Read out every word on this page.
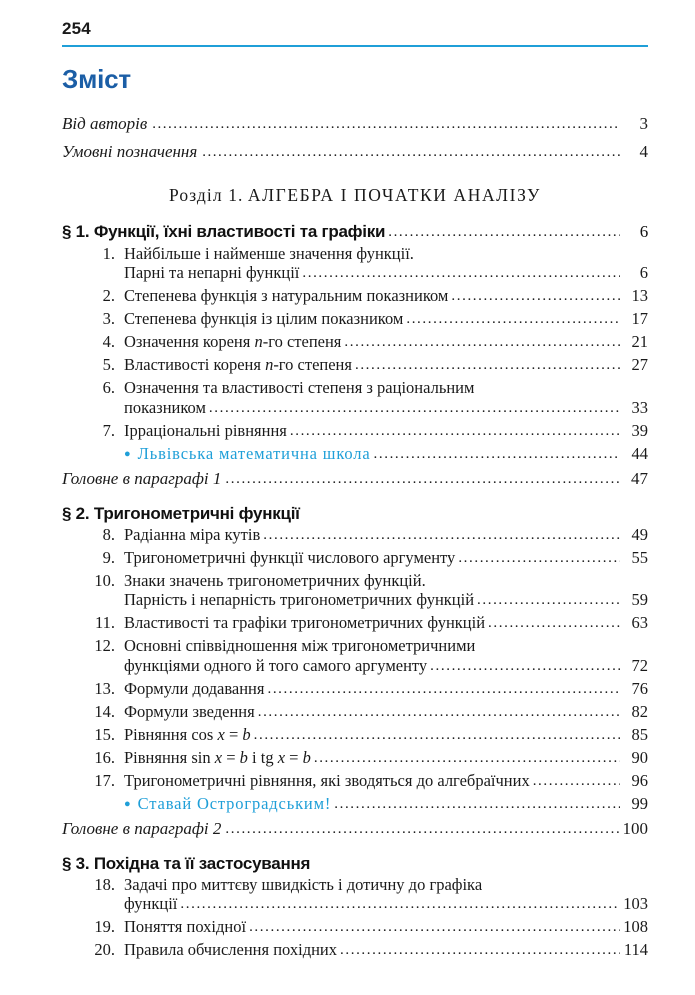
254
Зміст
Від авторів .....	3
Умовні позначення .....	4
Розділ 1. АЛГЕБРА І ПОЧАТКИ АНАЛІЗУ
§ 1. Функції, їхні властивості та графіки .....	6
1. Найбільше і найменше значення функції.
Парні та непарні функції .....	6
2. Степенева функція з натуральним показником .....	13
3. Степенева функція із цілим показником .....	17
4. Означення кореня n-го степеня .....	21
5. Властивості кореня n-го степеня .....	27
6. Означення та властивості степеня з раціональним
показником .....	33
7. Ірраціональні рівняння .....	39
● Львівська математична школа .....	44
Головне в параграфі 1 .....	47
§ 2. Тригонометричні функції
8. Радіанна міра кутів .....	49
9. Тригонометричні функції числового аргументу .....	55
10. Знаки значень тригонометричних функцій.
Парність і непарність тригонометричних функцій .....	59
11. Властивості та графіки тригонометричних функцій .....	63
12. Основні співвідношення між тригонометричними
функціями одного й того самого аргументу .....	72
13. Формули додавання .....	76
14. Формули зведення .....	82
15. Рівняння cos x = b .....	85
16. Рівняння sin x = b і tg x = b .....	90
17. Тригонометричні рівняння, які зводяться до алгебраїчних .....	96
● Ставай Остроградським! .....	99
Головне в параграфі 2 .....	100
§ 3. Похідна та її застосування
18. Задачі про миттєву швидкість і дотичну до графіка
функції .....	103
19. Поняття похідної .....	108
20. Правила обчислення похідних .....	114
